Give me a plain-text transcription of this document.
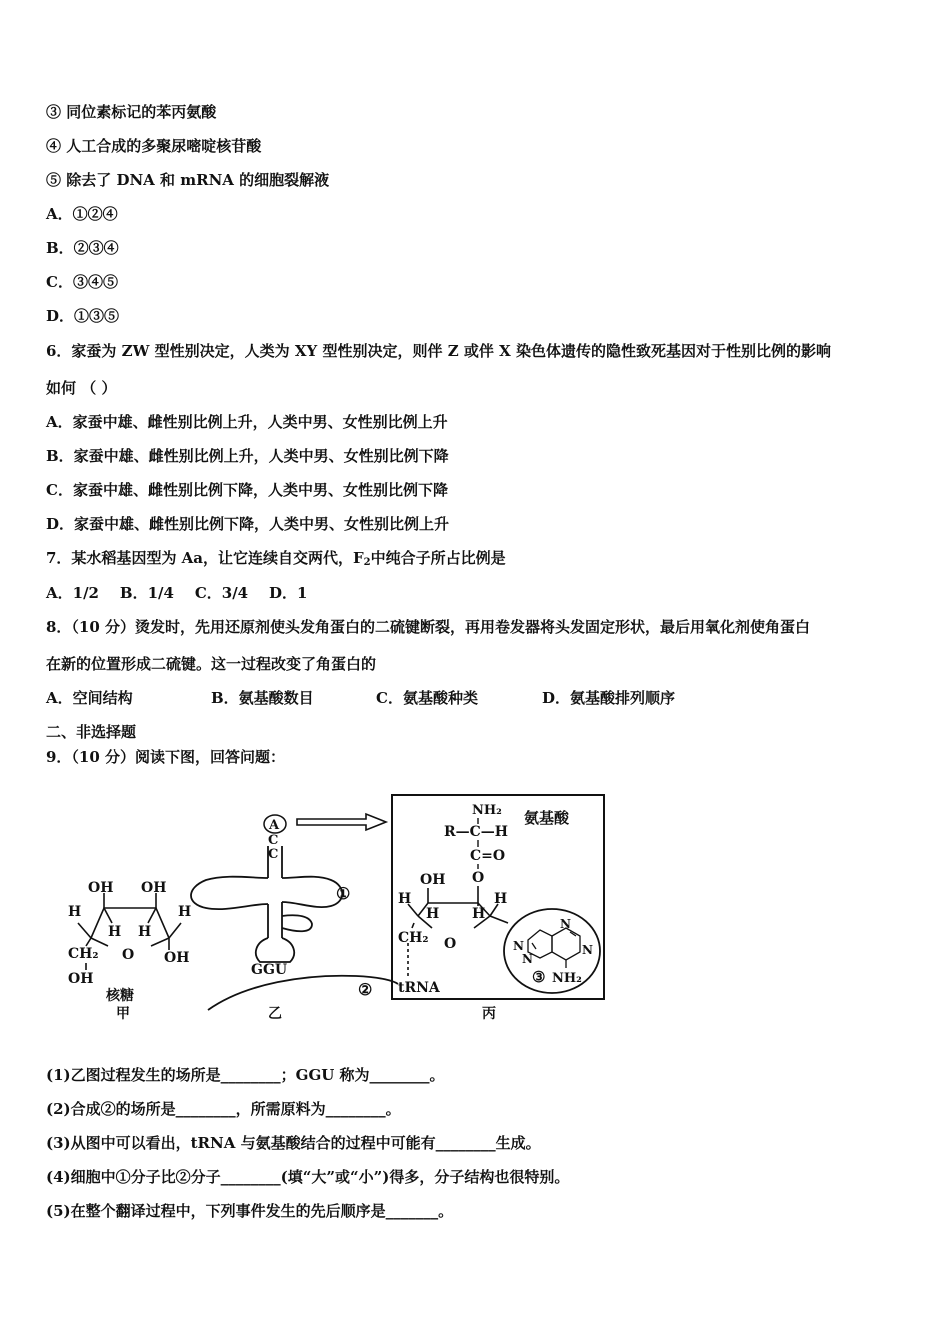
③ 同位素标记的苯丙氨酸
④ 人工合成的多聚尿嘧啶核苷酸
⑤ 除去了 DNA 和 mRNA 的细胞裂解液
A．①②④
B．②③④
C．③④⑤
D．①③⑤
6．家蚕为 ZW 型性别决定，人类为 XY 型性别决定，则伴 Z 或伴 X 染色体遗传的隐性致死基因对于性别比例的影响
如何 （ ）
A．家蚕中雄、雌性别比例上升，人类中男、女性别比例上升
B．家蚕中雄、雌性别比例上升，人类中男、女性别比例下降
C．家蚕中雄、雌性别比例下降，人类中男、女性别比例下降
D．家蚕中雄、雌性别比例下降，人类中男、女性别比例上升
7．某水稻基因型为 Aa，让它连续自交两代，$F_2$中纯合子所占比例是
A．1/2 B．1/4 C．3/4 D．1
8．（10 分）烫发时，先用还原剂使头发角蛋白的二硫键断裂，再用卷发器将头发固定形状，最后用氧化剂使角蛋白
在新的位置形成二硫键。这一过程改变了角蛋白的
A．空间结构	B．氨基酸数目	C．氨基酸种类	D．氨基酸排列顺序
二、非选择题
9．（10 分）阅读下图，回答问题：
OH OH
H
H H
H
OH
CH₂ O
OH
核糖
甲
A
C
C
①
GGU
②
乙
NH₂ 氨基酸
R—C—H
C=O
O
OH
H
H H
H
CH₂ O
tRNA
N
N
N
N
③ NH₂
丙
(1)乙图过程发生的场所是________；GGU 称为________。
(2)合成②的场所是________，所需原料为________。
(3)从图中可以看出，tRNA 与氨基酸结合的过程中可能有________生成。
(4)细胞中①分子比②分子________(填“大”或“小”)得多，分子结构也很特别。
(5)在整个翻译过程中，下列事件发生的先后顺序是_______。
